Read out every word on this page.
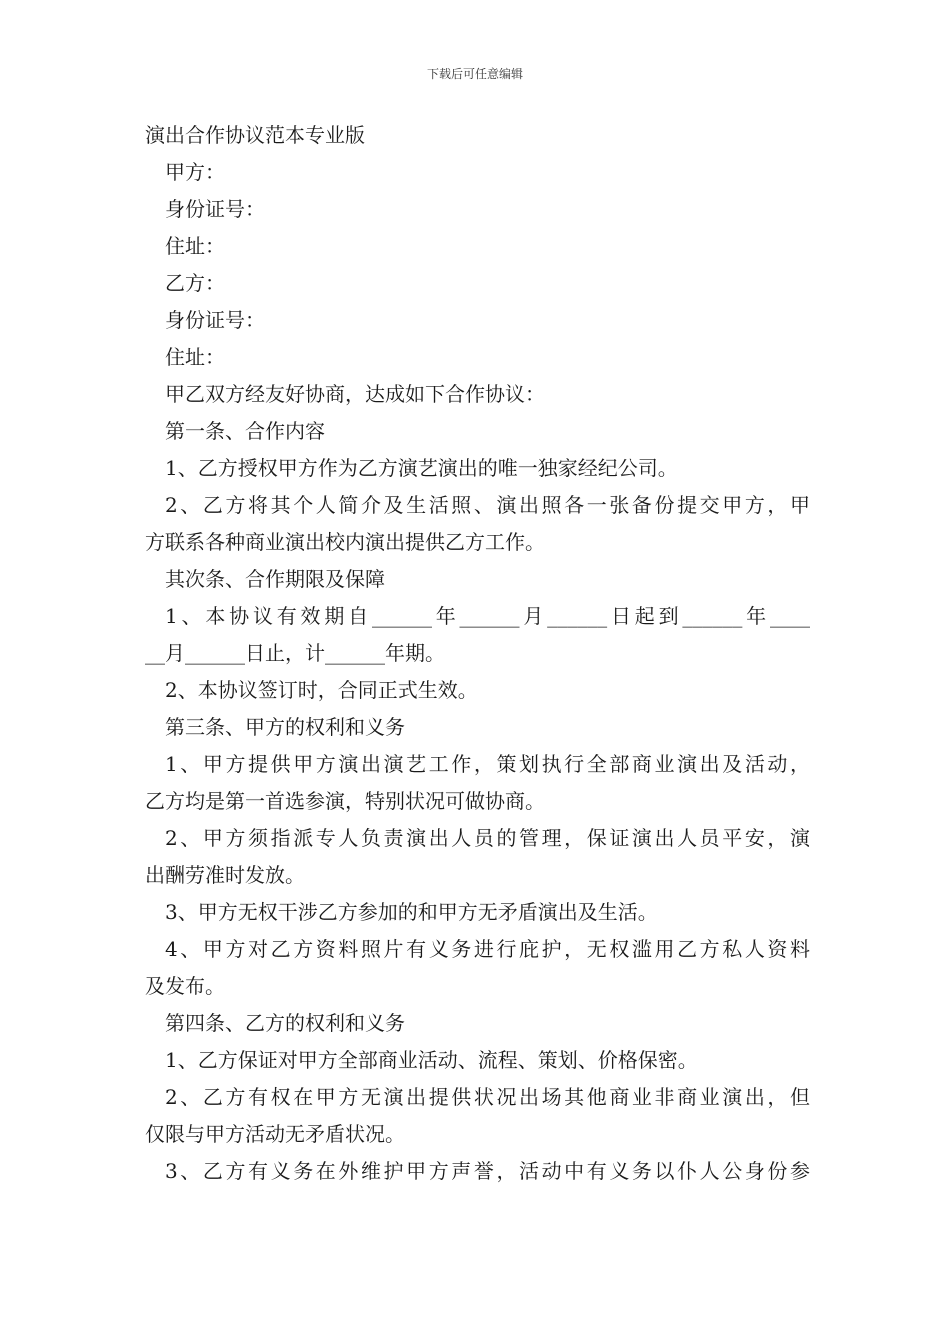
下载后可任意编辑
演出合作协议范本专业版
甲方：
身份证号：
住址：
乙方：
身份证号：
住址：
甲乙双方经友好协商，达成如下合作协议：
第一条、合作内容
1、乙方授权甲方作为乙方演艺演出的唯一独家经纪公司。
2、乙方将其个人简介及生活照、演出照各一张备份提交甲方，甲
方联系各种商业演出校内演出提供乙方工作。
其次条、合作期限及保障
1、本协议有效期自______年______月______日起到______年____
__月______日止，计______年期。
2、本协议签订时，合同正式生效。
第三条、甲方的权利和义务
1、甲方提供甲方演出演艺工作，策划执行全部商业演出及活动，
乙方均是第一首选参演，特别状况可做协商。
2、甲方须指派专人负责演出人员的管理，保证演出人员平安，演
出酬劳准时发放。
3、甲方无权干涉乙方参加的和甲方无矛盾演出及生活。
4、甲方对乙方资料照片有义务进行庇护，无权滥用乙方私人资料
及发布。
第四条、乙方的权利和义务
1、乙方保证对甲方全部商业活动、流程、策划、价格保密。
2、乙方有权在甲方无演出提供状况出场其他商业非商业演出，但
仅限与甲方活动无矛盾状况。
3、乙方有义务在外维护甲方声誉，活动中有义务以仆人公身份参
